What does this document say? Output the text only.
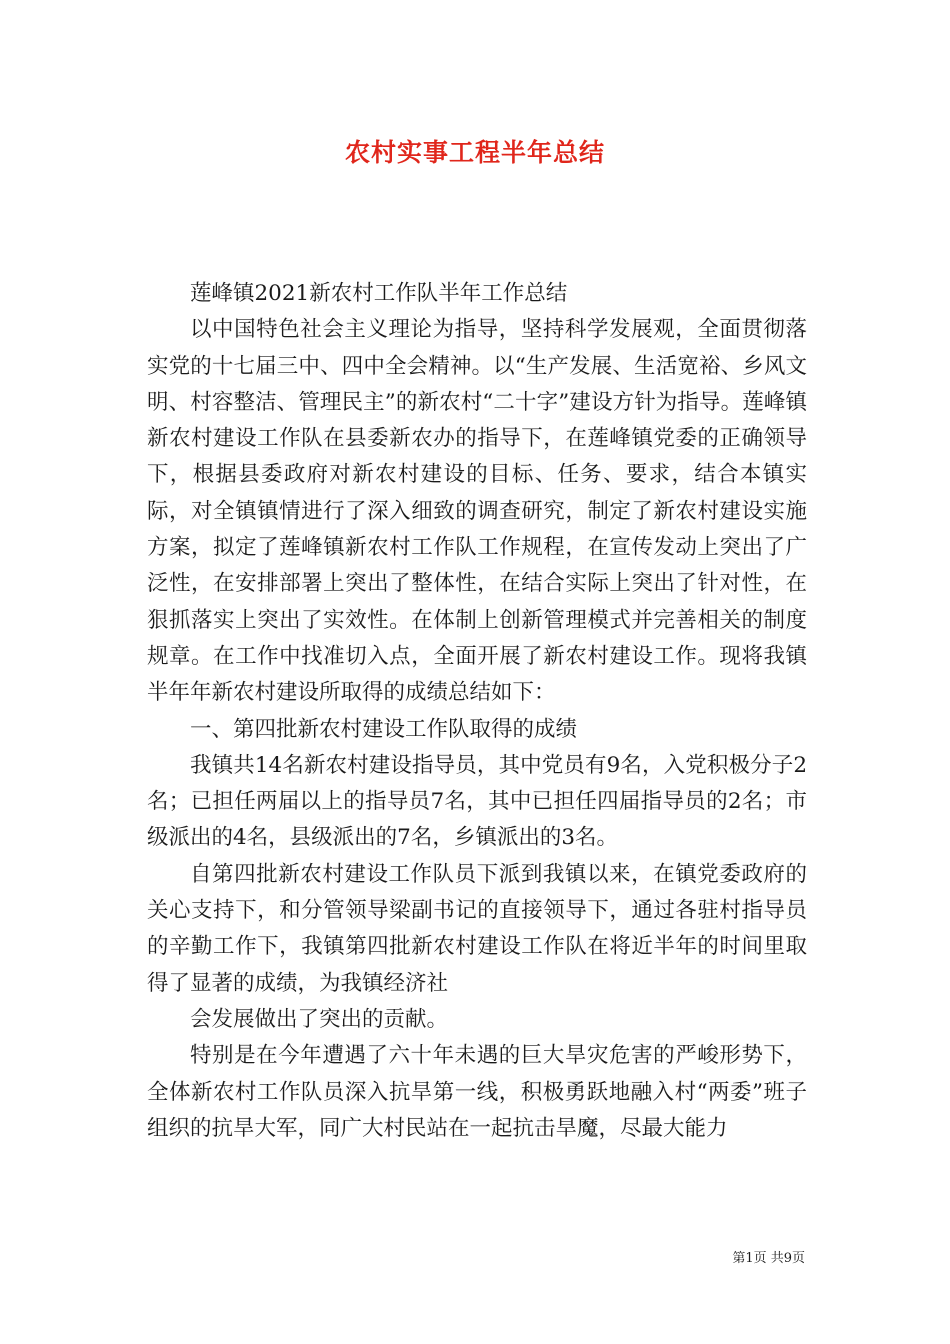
农村实事工程半年总结

莲峰镇2021新农村工作队半年工作总结

以中国特色社会主义理论为指导，坚持科学发展观，全面贯彻落实党的十七届三中、四中全会精神。以“生产发展、生活宽裕、乡风文明、村容整洁、管理民主”的新农村“二十字”建设方针为指导。莲峰镇新农村建设工作队在县委新农办的指导下，在莲峰镇党委的正确领导下，根据县委政府对新农村建设的目标、任务、要求，结合本镇实际，对全镇镇情进行了深入细致的调查研究，制定了新农村建设实施方案，拟定了莲峰镇新农村工作队工作规程，在宣传发动上突出了广泛性，在安排部署上突出了整体性，在结合实际上突出了针对性，在狠抓落实上突出了实效性。在体制上创新管理模式并完善相关的制度规章。在工作中找准切入点，全面开展了新农村建设工作。现将我镇半年年新农村建设所取得的成绩总结如下：

一、第四批新农村建设工作队取得的成绩

我镇共14名新农村建设指导员，其中党员有9名，入党积极分子2名；已担任两届以上的指导员7名，其中已担任四届指导员的2名；市级派出的4名，县级派出的7名，乡镇派出的3名。

自第四批新农村建设工作队员下派到我镇以来，在镇党委政府的关心支持下，和分管领导梁副书记的直接领导下，通过各驻村指导员的辛勤工作下，我镇第四批新农村建设工作队在将近半年的时间里取得了显著的成绩，为我镇经济社

会发展做出了突出的贡献。

特别是在今年遭遇了六十年未遇的巨大旱灾危害的严峻形势下，全体新农村工作队员深入抗旱第一线，积极勇跃地融入村“两委”班子组织的抗旱大军，同广大村民站在一起抗击旱魔，尽最大能力

第1页 共9页
